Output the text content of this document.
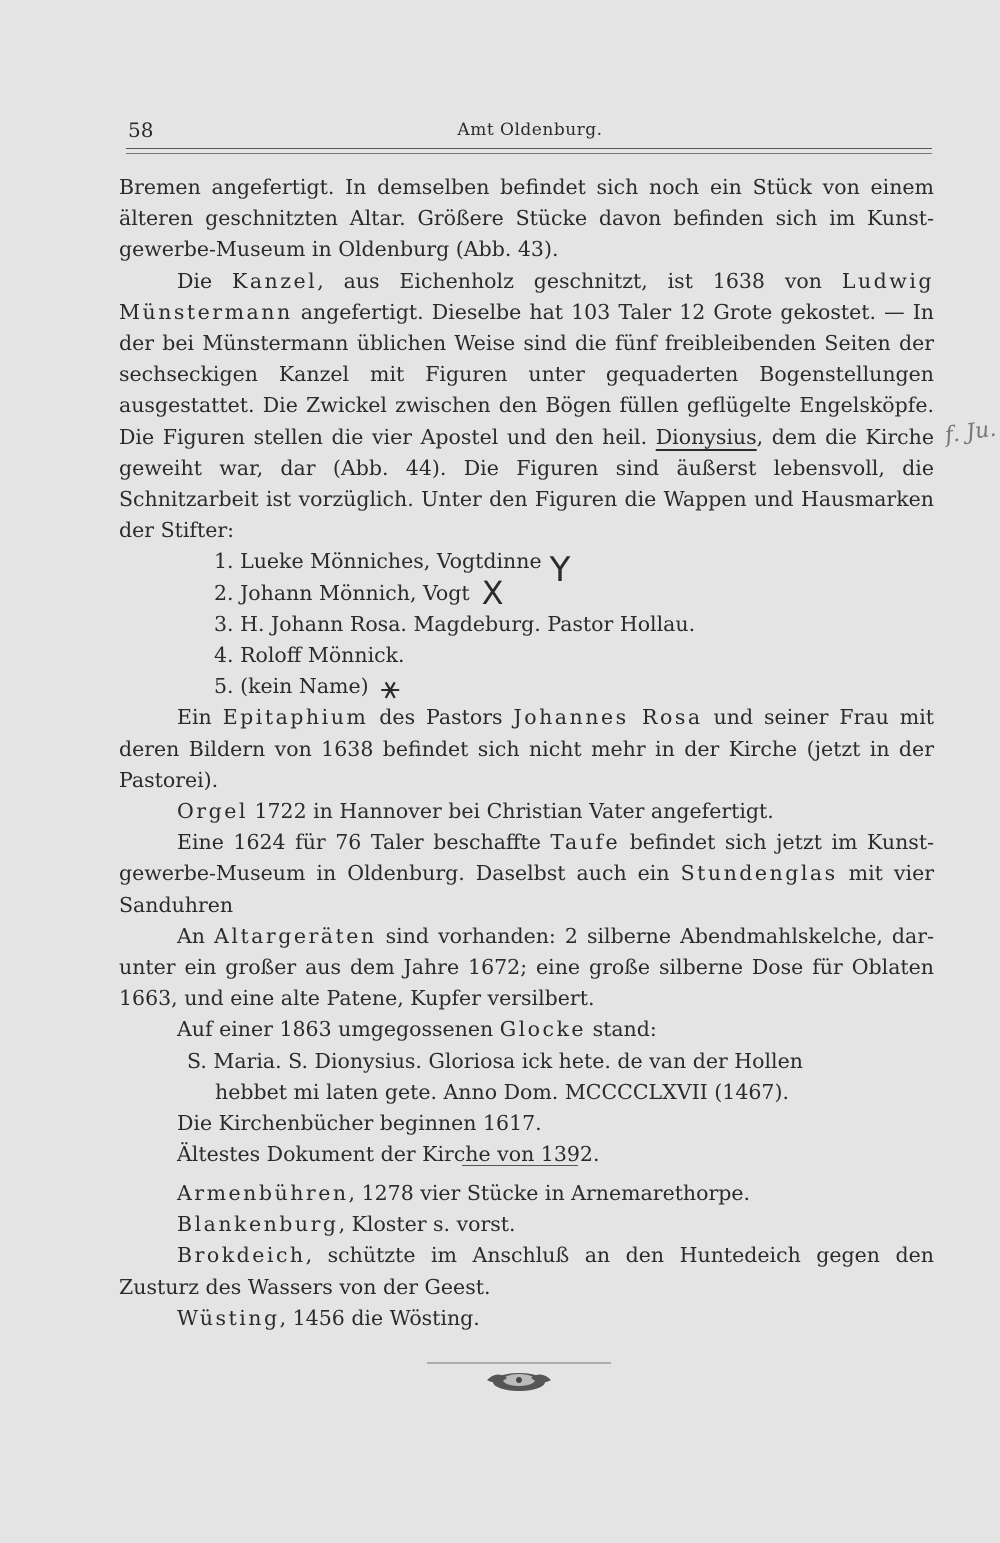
58	Amt Oldenburg.
f. Ju.

Bremen angefertigt. In demselben befindet sich noch ein Stück von einem älteren geschnitzten Altar. Größere Stücke davon befinden sich im Kunstgewerbe-Museum in Oldenburg (Abb. 43).

Die Kanzel, aus Eichenholz geschnitzt, ist 1638 von Ludwig Münstermann angefertigt. Dieselbe hat 103 Taler 12 Grote gekostet. — In der bei Münstermann üblichen Weise sind die fünf freibleibenden Seiten der sechseckigen Kanzel mit Figuren unter gequaderten Bogenstellungen ausgestattet. Die Zwickel zwischen den Bögen füllen geflügelte Engelsköpfe. Die Figuren stellen die vier Apostel und den heil. Dionysius, dem die Kirche geweiht war, dar (Abb. 44). Die Figuren sind äußerst lebensvoll, die Schnitzarbeit ist vorzüglich. Unter den Figuren die Wappen und Hausmarken der Stifter:

1. Lueke Mönniches, Vogtdinne Y
2. Johann Mönnich, Vogt X
3. H. Johann Rosa. Magdeburg. Pastor Hollau.
4. Roloff Mönnick.
5. (kein Name) ⚹

Ein Epitaphium des Pastors Johannes Rosa und seiner Frau mit deren Bildern von 1638 befindet sich nicht mehr in der Kirche (jetzt in der Pastorei).

Orgel 1722 in Hannover bei Christian Vater angefertigt.

Eine 1624 für 76 Taler beschaffte Taufe befindet sich jetzt im Kunstgewerbe-Museum in Oldenburg. Daselbst auch ein Stundenglas mit vier Sanduhren

An Altargeräten sind vorhanden: 2 silberne Abendmahlskelche, darunter ein großer aus dem Jahre 1672; eine große silberne Dose für Oblaten 1663, und eine alte Patene, Kupfer versilbert.

Auf einer 1863 umgegossenen Glocke stand:

S. Maria. S. Dionysius. Gloriosa ick hete. de van der Hollen
hebbet mi laten gete. Anno Dom. MCCCCLXVII (1467).

Die Kirchenbücher beginnen 1617.

Ältestes Dokument der Kirche von 1392.

Armenbühren, 1278 vier Stücke in Arnemarethorpe.

Blankenburg, Kloster s. vorst.

Brokdeich, schützte im Anschluß an den Huntedeich gegen den Zusturz des Wassers von der Geest.

Wüsting, 1456 die Wösting.
